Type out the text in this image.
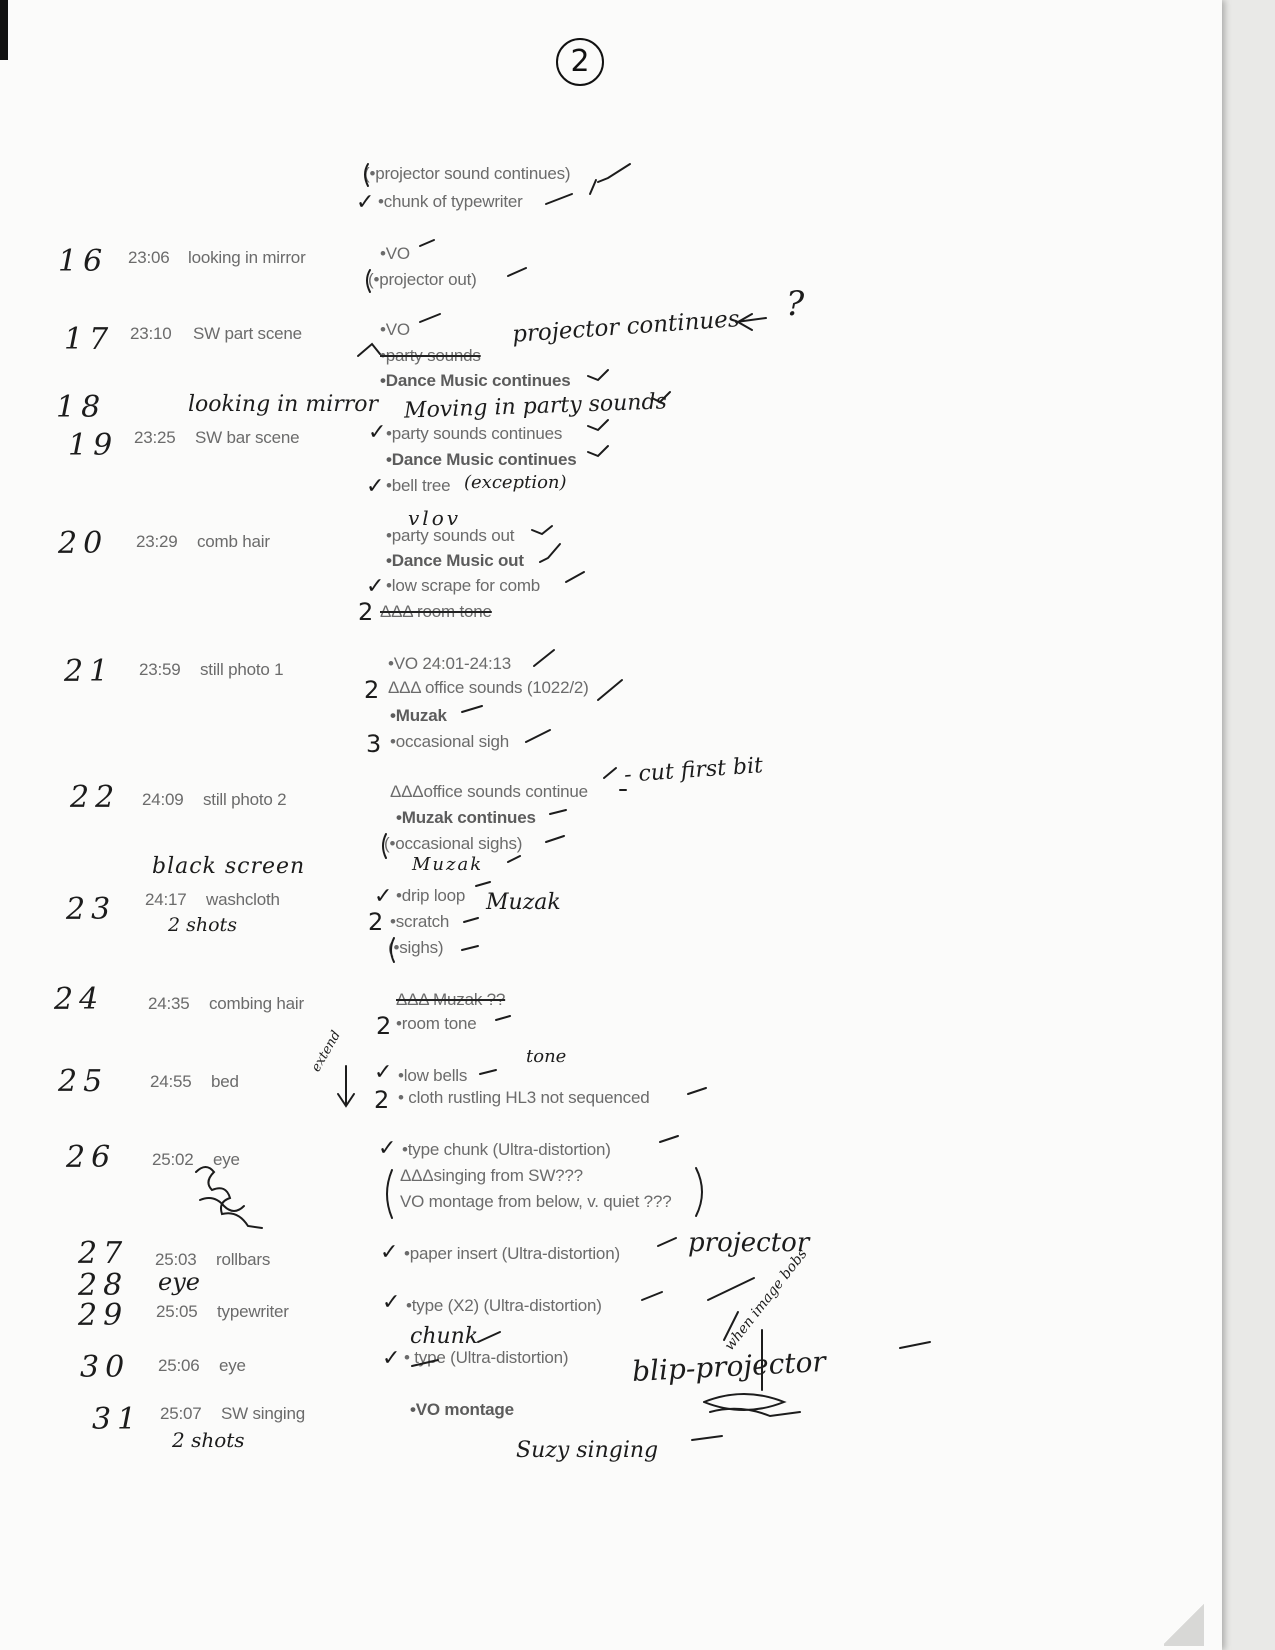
2
(•projector sound continues)
✓ •chunk of typewriter
16 23:06 looking in mirror	•VO
(•projector out)
17 23:10 SW part scene	•VO
•party sounds
•Dance Music continues
projector continues
?
18	looking in mirror Moving in party sounds
19 23:25 SW bar scene	✓ •party sounds continues
•Dance Music continues
✓ •bell tree (exception)
vlov
20 23:29 comb hair	•party sounds out
•Dance Music out
✓ •low scrape for comb
ΔΔΔ room tone
2
21 23:59 still photo 1	•VO 24:01-24:13
2 ΔΔΔ office sounds (1022/2)
•Muzak
3 •occasional sigh
22 24:09 still photo 2	ΔΔΔoffice sounds continue
- cut first bit
•Muzak continues
(•occasional sighs)
black screen	Muzak
23 24:17 washcloth
2 shots
✓ •drip loop
2 •scratch
Muzak
(•sighs)
24	24:35 combing hair	ΔΔΔ Muzak ??
2 •room tone
extend
25 24:55 bed	✓ •low bells
tone
2 • cloth rustling HL3 not sequenced
26 25:02 eye	✓ •type chunk (Ultra-distortion)
ΔΔΔsinging from SW???
VO montage from below, v. quiet ???
27 25:03 rollbars	✓ •paper insert (Ultra-distortion)	projector
28 eye
29 25:05 typewriter	✓ •type (X2) (Ultra-distortion)
chunk
30 25:06 eye	✓ • type (Ultra-distortion)
when image bobs
blip-projector
31 25:07 SW singing	•VO montage
2 shots	Suzy singing
